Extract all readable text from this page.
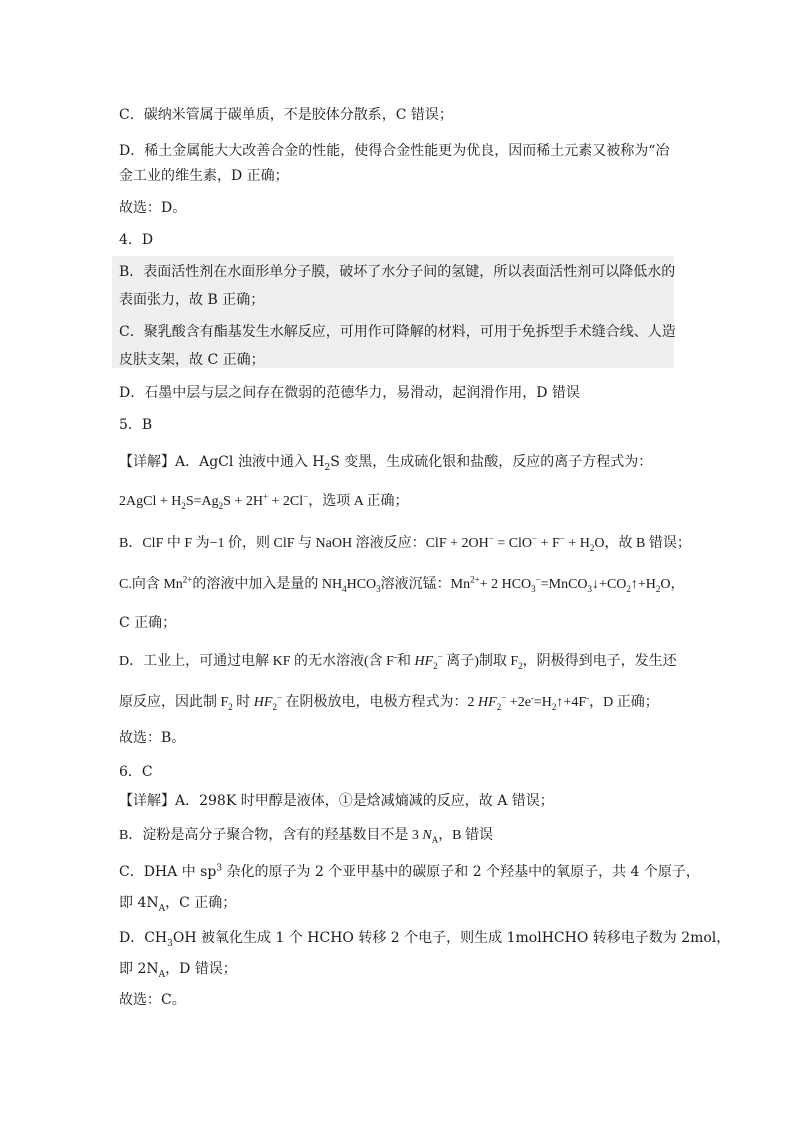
C．碳纳米管属于碳单质，不是胶体分散系，C 错误；
D．稀土金属能大大改善合金的性能，使得合金性能更为优良，因而稀土元素又被称为“冶
金工业的维生素，D 正确；
故选：D。
4．D
B．表面活性剂在水面形单分子膜，破坏了水分子间的氢键，所以表面活性剂可以降低水的
表面张力，故 B 正确；
C．聚乳酸含有酯基发生水解反应，可用作可降解的材料，可用于免拆型手术缝合线、人造
皮肤支架，故 C 正确；
D．石墨中层与层之间存在微弱的范德华力，易滑动，起润滑作用，D 错误
5．B
【详解】A．AgCl 浊液中通入 $H_2S$ 变黑，生成硫化银和盐酸，反应的离子方程式为：
2AgCl + $H_2S=Ag_2S + 2H^+ + 2Cl^-$，选项 A 正确；
B．ClF 中 F 为−1 价，则 ClF 与 NaOH 溶液反应：ClF + $2OH^- = ClO^- + F^- + H_2O$，故 B 错误；
C.向含 $Mn^{2+}$的溶液中加入是量的 $NH_4HCO_3$溶液沉锰：$Mn^{2+}+ 2$ $HCO_3^-=MnCO_3↓+CO_2↑+H_2O$，
C 正确；
D．工业上，可通过电解 KF 的无水溶液(含 F-和 $HF_2^-$ 离子)制取 $F_2$，阴极得到电子，发生还
原反应，因此制 $F_2$ 时 $HF_2^-$ 在阴极放电，电极方程式为：2 $HF_2^-$ $+2e^-=H_2↑+4F^-$，D 正确；
故选：B。
6．C
【详解】A．298K 时甲醇是液体，①是焓减熵减的反应，故 A 错误；
B．淀粉是高分子聚合物，含有的羟基数目不是 3 $N_A$，B 错误
C．DHA 中 $sp^3$ 杂化的原子为 2 个亚甲基中的碳原子和 2 个羟基中的氧原子，共 4 个原子，
即 $4N_A$，C 正确；
D．$CH_3OH$ 被氧化生成 1 个 HCHO 转移 2 个电子，则生成 1molHCHO 转移电子数为 2mol，
即 $2N_A$，D 错误；
故选：C。
